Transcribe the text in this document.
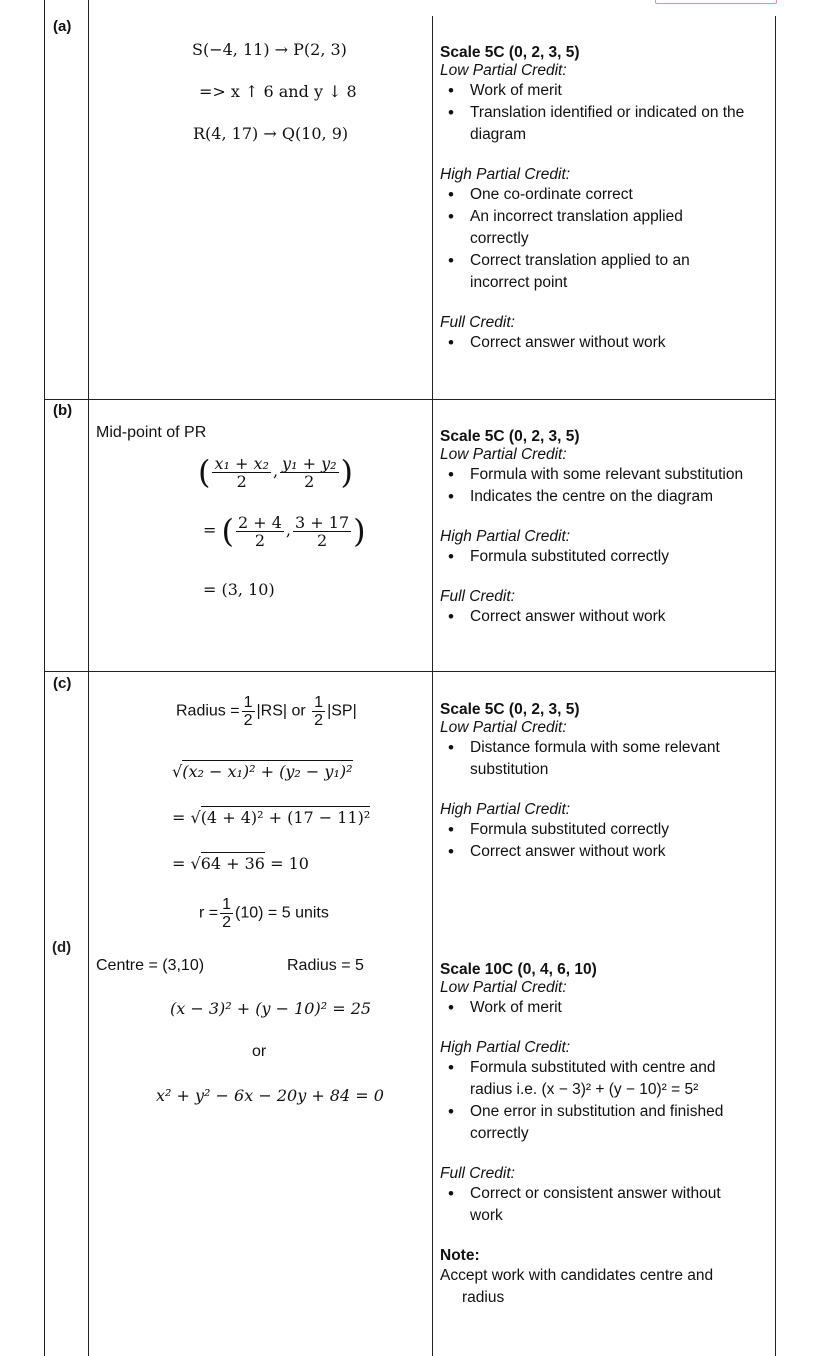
(a)
S(−4, 11) → P(2, 3)
=> x ↑ 6 and y ↓ 8
R(4, 17) → Q(10, 9)
Scale 5C (0, 2, 3, 5)
Low Partial Credit:
• Work of merit
• Translation identified or indicated on the diagram
High Partial Credit:
• One co-ordinate correct
• An incorrect translation applied correctly
• Correct translation applied to an incorrect point
Full Credit:
• Correct answer without work
(b)
Mid-point of PR
( $\frac{\text{x₁ + x₂}}{2}$ , $\frac{\text{y₁ + y₂}}{2}$ )
= ( $\frac{2 + 4}{2}$ , $\frac{3 + 17}{2}$ )
= (3, 10)
Scale 5C (0, 2, 3, 5)
Low Partial Credit:
• Formula with some relevant substitution
• Indicates the centre on the diagram
High Partial Credit:
• Formula substituted correctly
Full Credit:
• Correct answer without work
(c)
Radius = $\frac{1}{2} |RS|$ or $\frac{1}{2} |SP|$
√(x₂ − x₁)² + (y₂ − y₁)²
= √(4 + 4)² + (17 − 11)²
= √64 + 36 = 10
$r = \frac{1}{2} (10) = 5$ units
Scale 5C (0, 2, 3, 5)
Low Partial Credit:
• Distance formula with some relevant substitution
High Partial Credit:
• Formula substituted correctly
• Correct answer without work
(d)
Centre = (3,10)	Radius = 5
(x − 3)² + (y − 10)² = 25
or
x² + y² − 6x − 20y + 84 = 0
Scale 10C (0, 4, 6, 10)
Low Partial Credit:
• Work of merit
High Partial Credit:
• Formula substituted with centre and radius i.e. (x − 3)² + (y − 10)² = 5²
• One error in substitution and finished correctly
Full Credit:
• Correct or consistent answer without work
Note:
Accept work with candidates centre and radius
